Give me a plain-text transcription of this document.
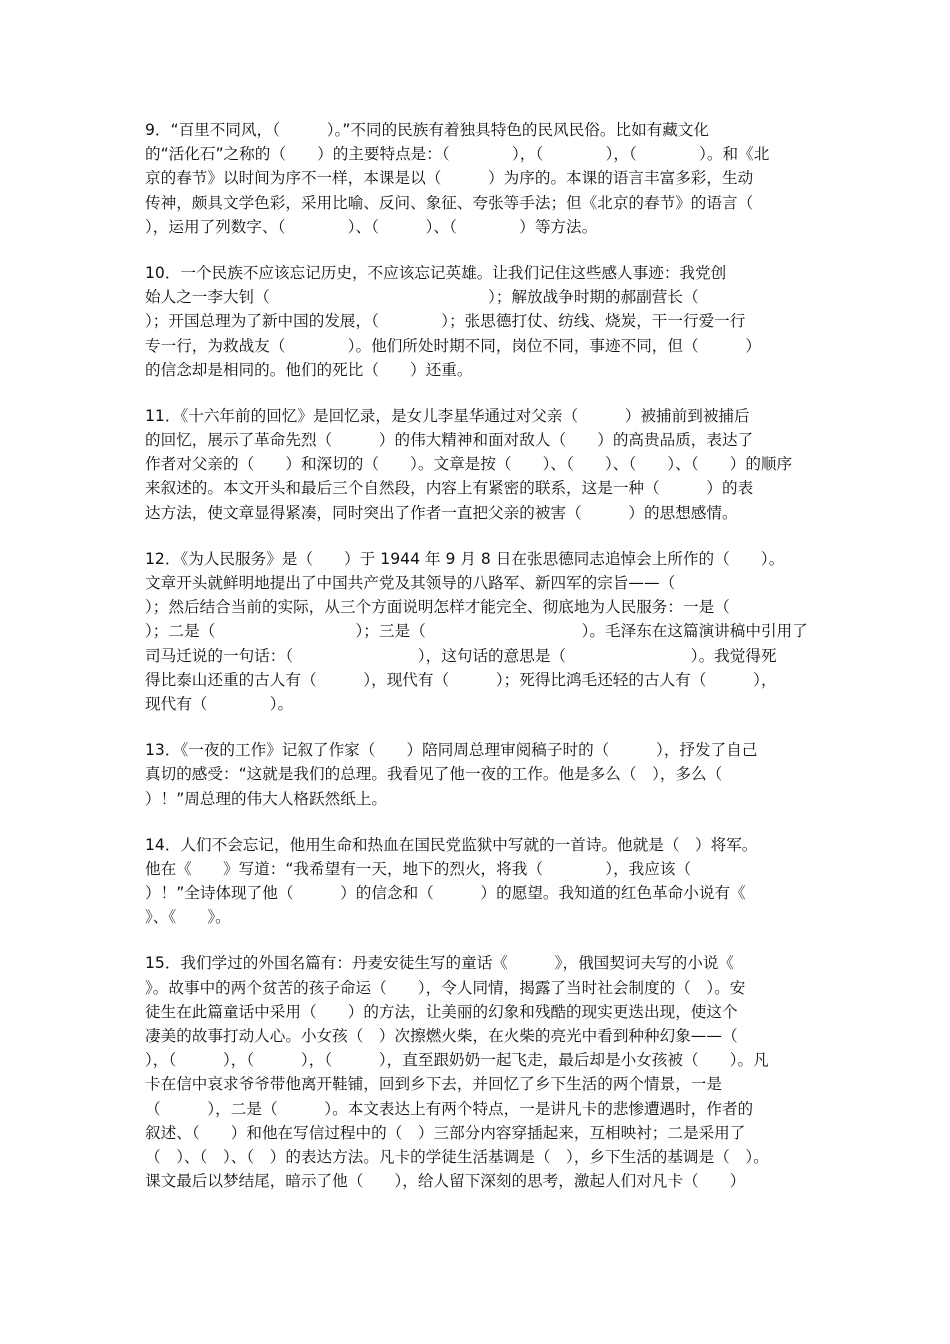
9．“百里不同风，（　　　）。”不同的民族有着独具特色的民风民俗。比如有藏文化
的“活化石”之称的（　　）的主要特点是：（　　　　），（　　　　），（　　　　）。和《北
京的春节》以时间为序不一样，本课是以（　　　）为序的。本课的语言丰富多彩，生动
传神，颇具文学色彩，采用比喻、反问、象征、夸张等手法；但《北京的春节》的语言（
），运用了列数字、（　　　　）、（　　　）、（　　　　）等方法。
10．一个民族不应该忘记历史，不应该忘记英雄。让我们记住这些感人事迹：我党创
始人之一李大钊（　　　　　　　　　　　　　　）；解放战争时期的郝副营长（
）；开国总理为了新中国的发展，（　　　　）；张思德打仗、纺线、烧炭，干一行爱一行
专一行，为救战友（　　　　）。他们所处时期不同，岗位不同，事迹不同，但（　　　）
的信念却是相同的。他们的死比（　　）还重。
11．《十六年前的回忆》是回忆录，是女儿李星华通过对父亲（　　　）被捕前到被捕后
的回忆，展示了革命先烈（　　　）的伟大精神和面对敌人（　　）的高贵品质，表达了
作者对父亲的（　　）和深切的（　　）。文章是按（　　）、（　　）、（　　）、（　　）的顺序
来叙述的。本文开头和最后三个自然段，内容上有紧密的联系，这是一种（　　　）的表
达方法，使文章显得紧凑，同时突出了作者一直把父亲的被害（　　　）的思想感情。
12．《为人民服务》是（　　）于 1944 年 9 月 8 日在张思德同志追悼会上所作的（　　）。
文章开头就鲜明地提出了中国共产党及其领导的八路军、新四军的宗旨——（
）；然后结合当前的实际，从三个方面说明怎样才能完全、彻底地为人民服务：一是（
）；二是（　　　　　　　　　）；三是（　　　　　　　　　　）。毛泽东在这篇演讲稿中引用了
司马迁说的一句话：（　　　　　　　　），这句话的意思是（　　　　　　　　）。我觉得死
得比泰山还重的古人有（　　　），现代有（　　　）；死得比鸿毛还轻的古人有（　　　），
现代有（　　　　）。
13．《一夜的工作》记叙了作家（　　）陪同周总理审阅稿子时的（　　　），抒发了自己
真切的感受：“这就是我们的总理。我看见了他一夜的工作。他是多么（　），多么（
）！”周总理的伟大人格跃然纸上。
14．人们不会忘记，他用生命和热血在国民党监狱中写就的一首诗。他就是（　）将军。
他在《　　》写道：“我希望有一天，地下的烈火，将我（　　　　），我应该（
）！”全诗体现了他（　　　）的信念和（　　　）的愿望。我知道的红色革命小说有《
》、《　　》。
15．我们学过的外国名篇有：丹麦安徒生写的童话《　　　》，俄国契诃夫写的小说《
》。故事中的两个贫苦的孩子命运（　　），令人同情，揭露了当时社会制度的（　）。安
徒生在此篇童话中采用（　　）的方法，让美丽的幻象和残酷的现实更迭出现，使这个
凄美的故事打动人心。小女孩（　）次擦燃火柴，在火柴的亮光中看到种种幻象——（
），（　　　），（　　　），（　　　），直至跟奶奶一起飞走，最后却是小女孩被（　　）。凡
卡在信中哀求爷爷带他离开鞋铺，回到乡下去，并回忆了乡下生活的两个情景，一是
（　　　），二是（　　　）。本文表达上有两个特点，一是讲凡卡的悲惨遭遇时，作者的
叙述、（　　）和他在写信过程中的（　）三部分内容穿插起来，互相映衬；二是采用了
（　）、（　）、（　）的表达方法。凡卡的学徒生活基调是（　），乡下生活的基调是（　）。
课文最后以梦结尾，暗示了他（　　），给人留下深刻的思考，激起人们对凡卡（　　）
